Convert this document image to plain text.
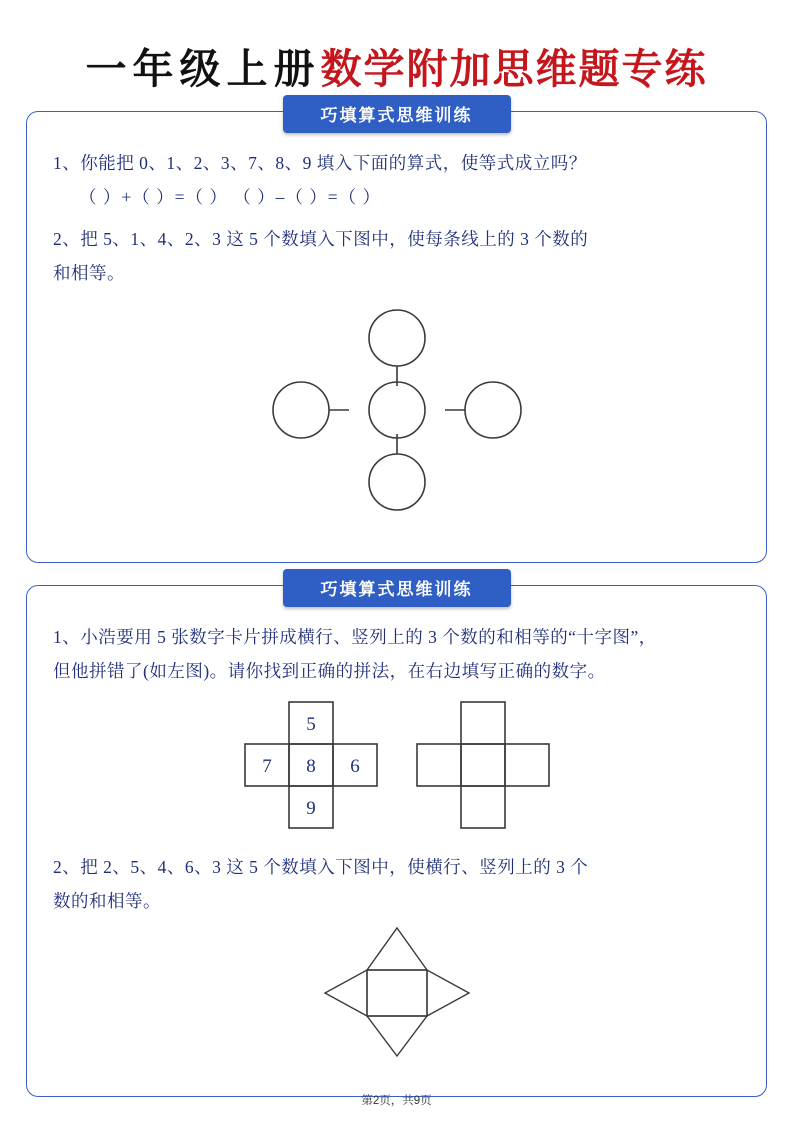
一年级上册 数学附加思维题专练
巧填算式思维训练
1、你能把 0、1、2、3、7、8、9 填入下面的算式，使等式成立吗？
（ ）+（ ）=（ ） （ ）–（ ）=（ ）
2、把 5、1、4、2、3 这 5 个数填入下图中，使每条线上的 3 个数的
和相等。
巧填算式思维训练
1、小浩要用 5 张数字卡片拼成横行、竖列上的 3 个数的和相等的“十字图”，
但他拼错了(如左图)。请你找到正确的拼法，在右边填写正确的数字。
5
7 8 6
9
2、把 2、5、4、6、3 这 5 个数填入下图中，使横行、竖列上的 3 个
数的和相等。
第2页，共9页
